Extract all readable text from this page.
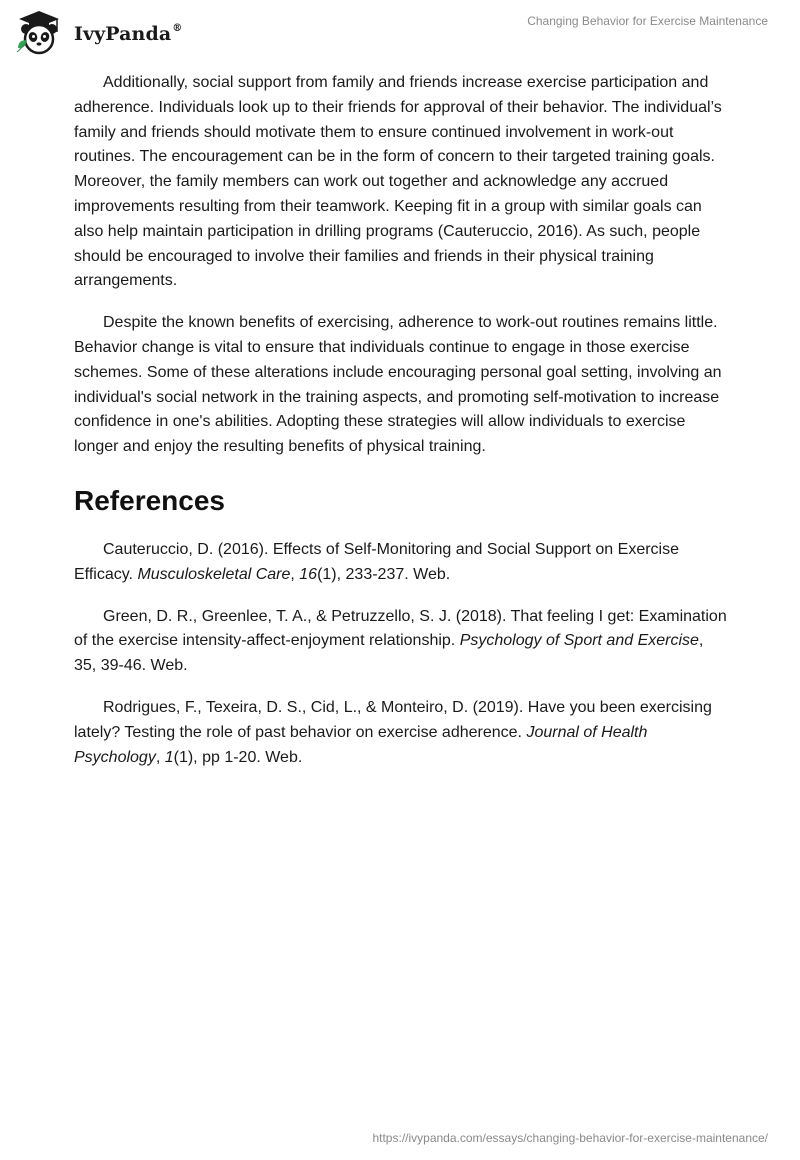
IvyPanda®
Changing Behavior for Exercise Maintenance

Additionally, social support from family and friends increase exercise participation and adherence. Individuals look up to their friends for approval of their behavior. The individual’s family and friends should motivate them to ensure continued involvement in work-out routines. The encouragement can be in the form of concern to their targeted training goals. Moreover, the family members can work out together and acknowledge any accrued improvements resulting from their teamwork. Keeping fit in a group with similar goals can also help maintain participation in drilling programs (Cauteruccio, 2016). As such, people should be encouraged to involve their families and friends in their physical training arrangements.

Despite the known benefits of exercising, adherence to work-out routines remains little. Behavior change is vital to ensure that individuals continue to engage in those exercise schemes. Some of these alterations include encouraging personal goal setting, involving an individual's social network in the training aspects, and promoting self-motivation to increase confidence in one's abilities. Adopting these strategies will allow individuals to exercise longer and enjoy the resulting benefits of physical training.

References

Cauteruccio, D. (2016). Effects of Self-Monitoring and Social Support on Exercise Efficacy. Musculoskeletal Care, 16(1), 233-237. Web.

Green, D. R., Greenlee, T. A., & Petruzzello, S. J. (2018). That feeling I get: Examination of the exercise intensity-affect-enjoyment relationship. Psychology of Sport and Exercise, 35, 39-46. Web.

Rodrigues, F., Texeira, D. S., Cid, L., & Monteiro, D. (2019). Have you been exercising lately? Testing the role of past behavior on exercise adherence. Journal of Health Psychology, 1(1), pp 1-20. Web.

https://ivypanda.com/essays/changing-behavior-for-exercise-maintenance/
